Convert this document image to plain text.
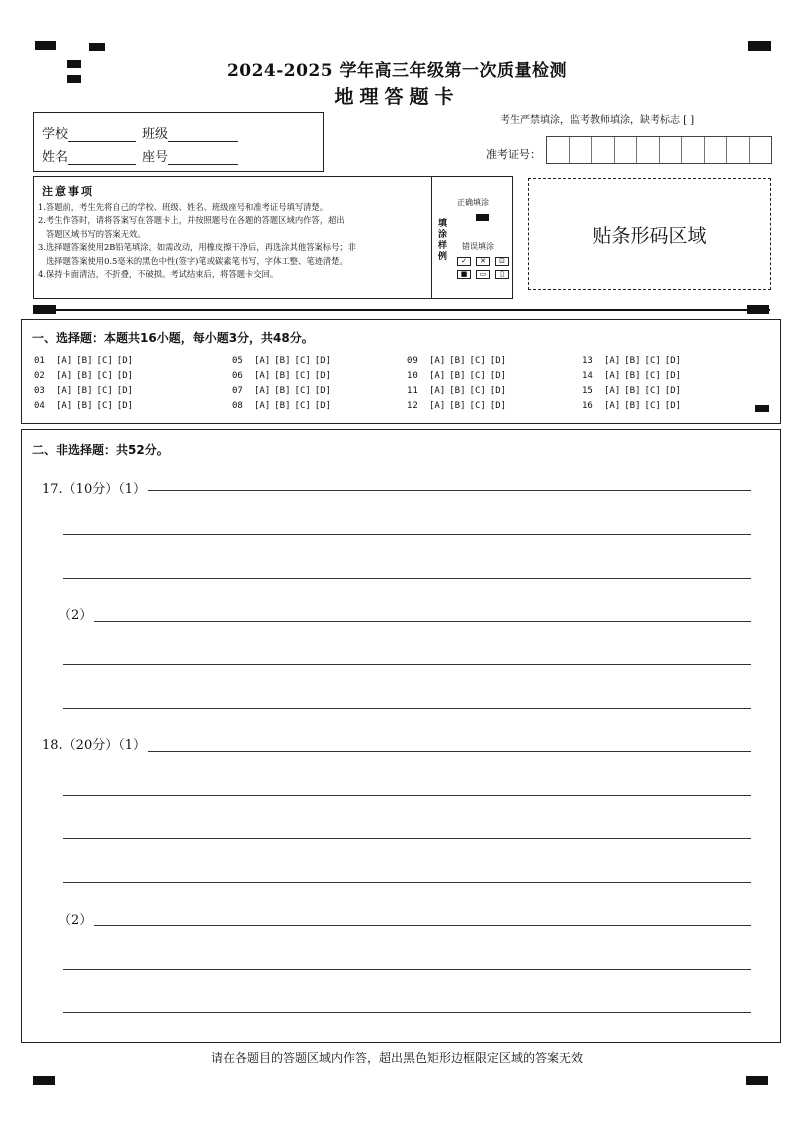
2024-2025 学年高三年级第一次质量检测
地理答题卡
学校	班级
姓名	座号
考生严禁填涂，监考教师填涂，缺考标志 [ ]
准考证号：
注意事项
1.答题前，考生先将自己的学校、班级、姓名、班级座号和准考证号填写清楚。
2.考生作答时，请将答案写在答题卡上，并按照题号在各题的答题区域内作答，超出
答题区域书写的答案无效。
3.选择题答案使用2B铅笔填涂，如需改动，用橡皮擦干净后，再选涂其他答案标号；非
选择题答案使用0.5毫米的黑色中性(签字)笔或碳素笔书写，字体工整、笔迹清楚。
4.保持卡面清洁，不折叠，不破损。考试结束后，将答题卡交回。
填涂样例
正确填涂
错误填涂
✓	✕	⊡
■	▭	▯
贴条形码区域
一、选择题：本题共16小题，每小题3分，共48分。
01 [A] [B] [C] [D]
02 [A] [B] [C] [D]
03 [A] [B] [C] [D]
04 [A] [B] [C] [D]
05 [A] [B] [C] [D]
06 [A] [B] [C] [D]
07 [A] [B] [C] [D]
08 [A] [B] [C] [D]
09 [A] [B] [C] [D]
10 [A] [B] [C] [D]
11 [A] [B] [C] [D]
12 [A] [B] [C] [D]
13 [A] [B] [C] [D]
14 [A] [B] [C] [D]
15 [A] [B] [C] [D]
16 [A] [B] [C] [D]
二、非选择题：共52分。
17.（10分）（1）
（2）
18.（20分）（1）
（2）
请在各题目的答题区域内作答，超出黑色矩形边框限定区域的答案无效
